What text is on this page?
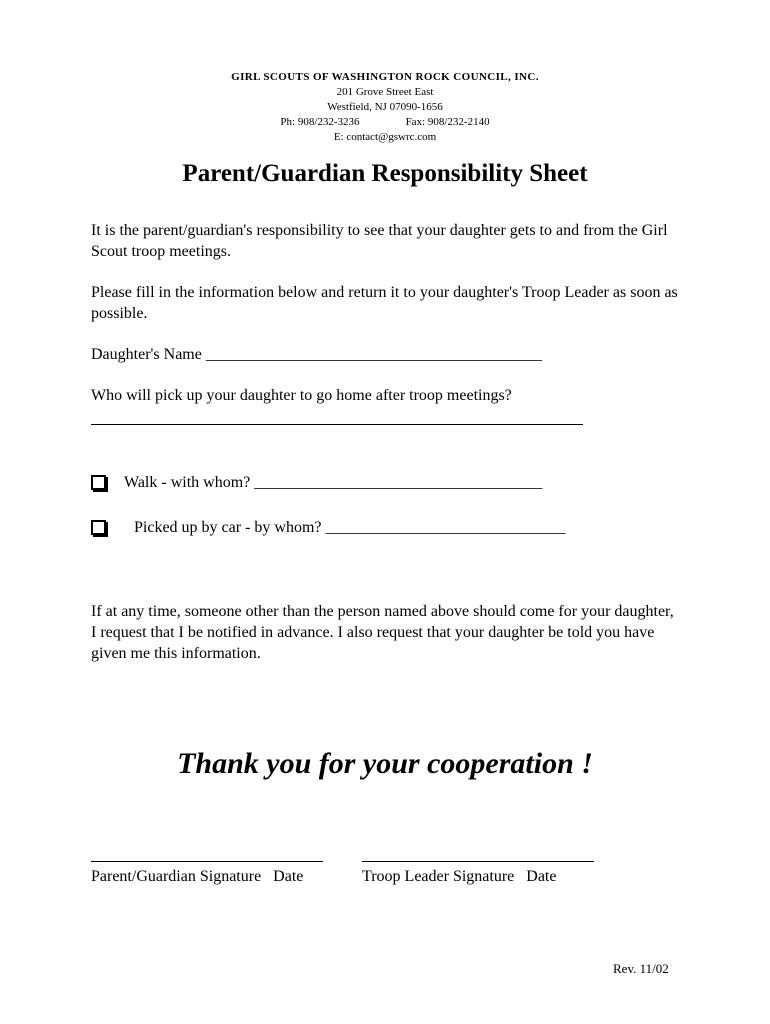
GIRL SCOUTS OF WASHINGTON ROCK COUNCIL, INC.
201 Grove Street East
Westfield, NJ 07090-1656
Ph: 908/232-3236	Fax: 908/232-2140
E: contact@gswrc.com
Parent/Guardian Responsibility Sheet
It is the parent/guardian's responsibility to see that your daughter gets to and from the Girl Scout troop meetings.
Please fill in the information below and return it to your daughter's Troop Leader as soon as possible.
Daughter's Name __________________________________________
Who will pick up your daughter to go home after troop meetings?
Walk - with whom? ____________________________________
Picked up by car - by whom? ______________________________
If at any time, someone other than the person named above should come for your daughter, I request that I be notified in advance. I also request that your daughter be told you have given me this information.
Thank you for your cooperation !
Parent/Guardian Signature   Date	Troop Leader Signature   Date
Rev. 11/02
